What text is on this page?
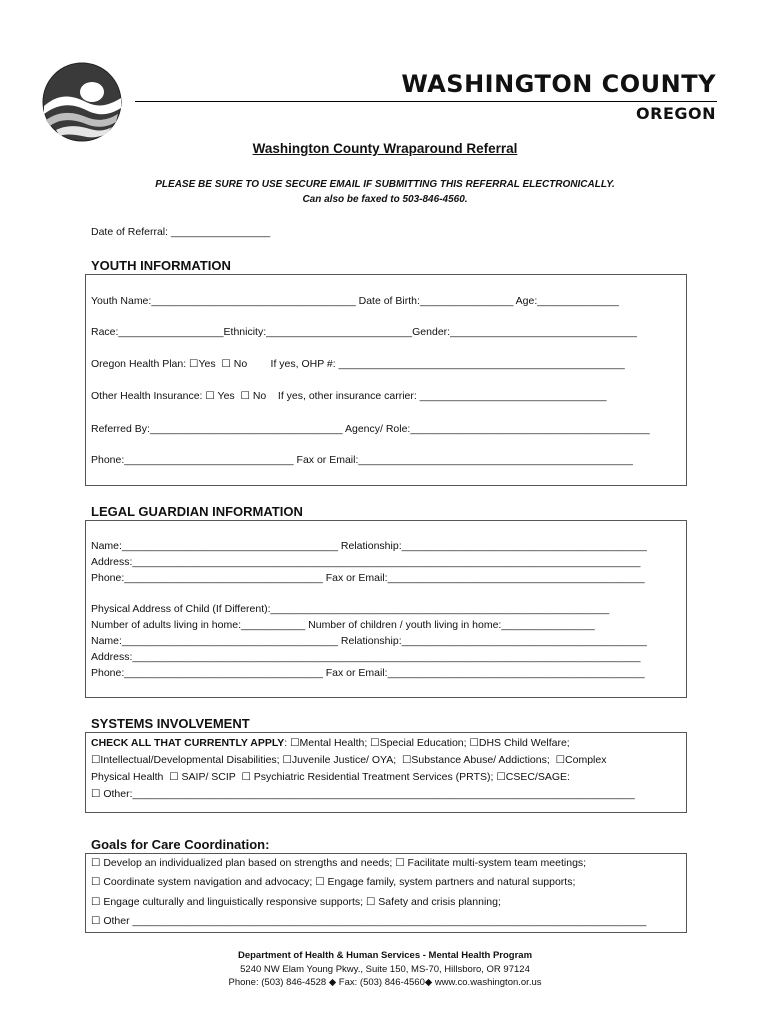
WASHINGTON COUNTY
OREGON
Washington County Wraparound Referral
PLEASE BE SURE TO USE SECURE EMAIL IF SUBMITTING THIS REFERRAL ELECTRONICALLY.
Can also be faxed to 503-846-4560.
Date of Referral: _________________
YOUTH INFORMATION
Youth Name:___________________________________ Date of Birth:________________ Age:______________
Race:__________________Ethnicity:_________________________Gender:________________________________
Oregon Health Plan: ☐Yes  ☐ No        If yes, OHP #: _________________________________________________
Other Health Insurance: ☐ Yes  ☐ No    If yes, other insurance carrier: ________________________________
Referred By:_________________________________ Agency/ Role:_________________________________________
Phone:_____________________________ Fax or Email:_______________________________________________
LEGAL GUARDIAN INFORMATION
Name:_____________________________________ Relationship:__________________________________________
Address:_______________________________________________________________________________________
Phone:__________________________________ Fax or Email:____________________________________________
Physical Address of Child (If Different):__________________________________________________________
Number of adults living in home:___________ Number of children / youth living in home:________________
Name:_____________________________________ Relationship:__________________________________________
Address:_______________________________________________________________________________________
Phone:__________________________________ Fax or Email:____________________________________________
SYSTEMS INVOLVEMENT
CHECK ALL THAT CURRENTLY APPLY: ☐Mental Health; ☐Special Education; ☐DHS Child Welfare;
☐Intellectual/Developmental Disabilities; ☐Juvenile Justice/ OYA;  ☐Substance Abuse/ Addictions;  ☐Complex
Physical Health  ☐ SAIP/ SCIP  ☐ Psychiatric Residential Treatment Services (PRTS); ☐CSEC/SAGE:
☐ Other:______________________________________________________________________________________
Goals for Care Coordination:
☐ Develop an individualized plan based on strengths and needs; ☐ Facilitate multi-system team meetings;
☐ Coordinate system navigation and advocacy; ☐ Engage family, system partners and natural supports;
☐ Engage culturally and linguistically responsive supports; ☐ Safety and crisis planning;
☐ Other ________________________________________________________________________________________
Department of Health & Human Services - Mental Health Program
5240 NW Elam Young Pkwy., Suite 150, MS-70, Hillsboro, OR 97124
Phone: (503) 846-4528 ◆ Fax: (503) 846-4560◆ www.co.washington.or.us
